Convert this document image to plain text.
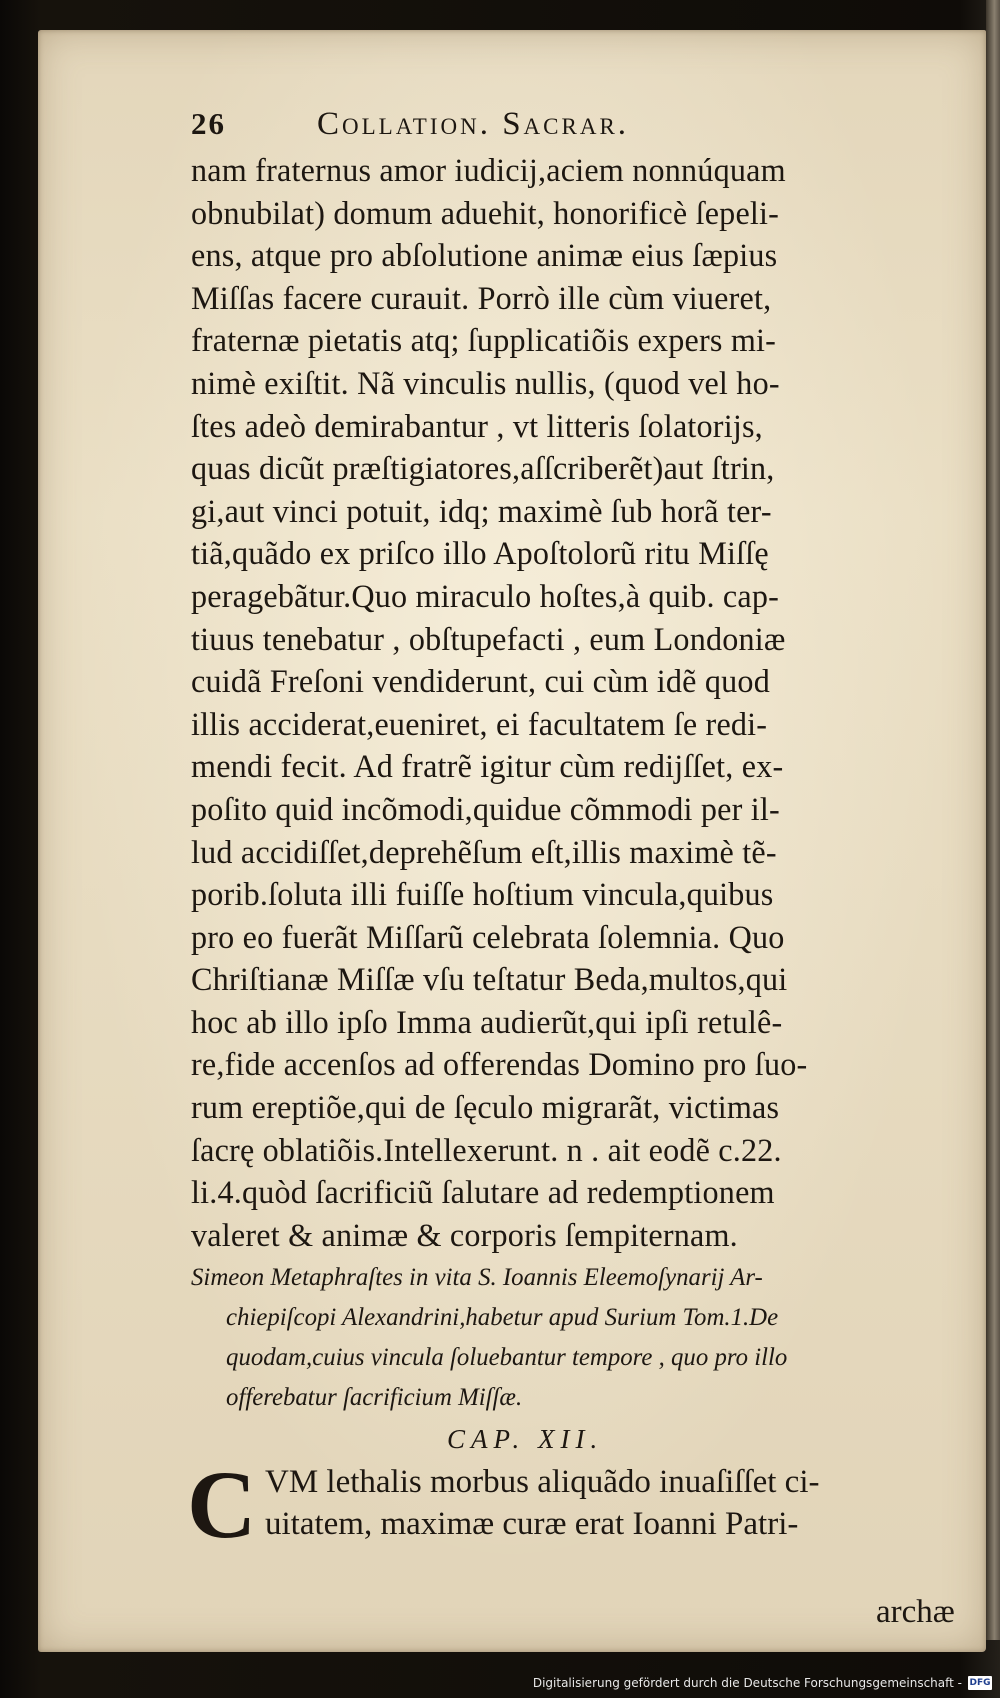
26	Collation. Sacrar.
nam fraternus amor iudicij,aciem nonnúquam
obnubilat) domum aduehit, honorificè ſepeli-
ens, atque pro abſolutione animæ eius ſæpius
Miſſas facere curauit. Porrò ille cùm viueret,
fraternæ pietatis atq; ſupplicatiõis expers mi-
nimè exiſtit. Nã vinculis nullis, (quod vel ho-
ſtes adeò demirabantur , vt litteris ſolatorijs,
quas dicũt præſtigiatores,aſſcriberẽt)aut ſtrin,
gi,aut vinci potuit, idq; maximè ſub horã ter-
tiã,quãdo ex priſco illo Apoſtolorũ ritu Miſſę
peragebãtur.Quo miraculo hoſtes,à quib. cap-
tiuus tenebatur , obſtupefacti , eum Londoniæ
cuidã Freſoni vendiderunt, cui cùm idẽ quod
illis acciderat,eueniret, ei facultatem ſe redi-
mendi fecit. Ad fratrẽ igitur cùm redijſſet, ex-
poſito quid incõmodi,quidue cõmmodi per il-
lud accidiſſet,deprehẽſum eſt,illis maximè tẽ-
porib.ſoluta illi fuiſſe hoſtium vincula,quibus
pro eo fuerãt Miſſarũ celebrata ſolemnia. Quo
Chriſtianæ Miſſæ vſu teſtatur Beda,multos,qui
hoc ab illo ipſo Imma audierũt,qui ipſi retulê-
re,fide accenſos ad offerendas Domino pro ſuo-
rum ereptiõe,qui de ſęculo migrarãt, victimas
ſacrę oblatiõis.Intellexerunt. n . ait eodẽ c.22.
li.4.quòd ſacrificiũ ſalutare ad redemptionem
valeret & animæ & corporis ſempiternam.
Simeon Metaphraſtes in vita S. Ioannis Eleemoſynarij Ar-
chiepiſcopi Alexandrini,habetur apud Surium Tom.1.De
quodam,cuius vincula ſoluebantur tempore , quo pro illo
offerebatur ſacrificium Miſſæ.
CAP. XII.
C VM lethalis morbus aliquãdo inuaſiſſet ci-
uitatem, maximæ curæ erat Ioanni Patri-
archæ
Digitalisierung gefördert durch die Deutsche Forschungsgemeinschaft - DFG
